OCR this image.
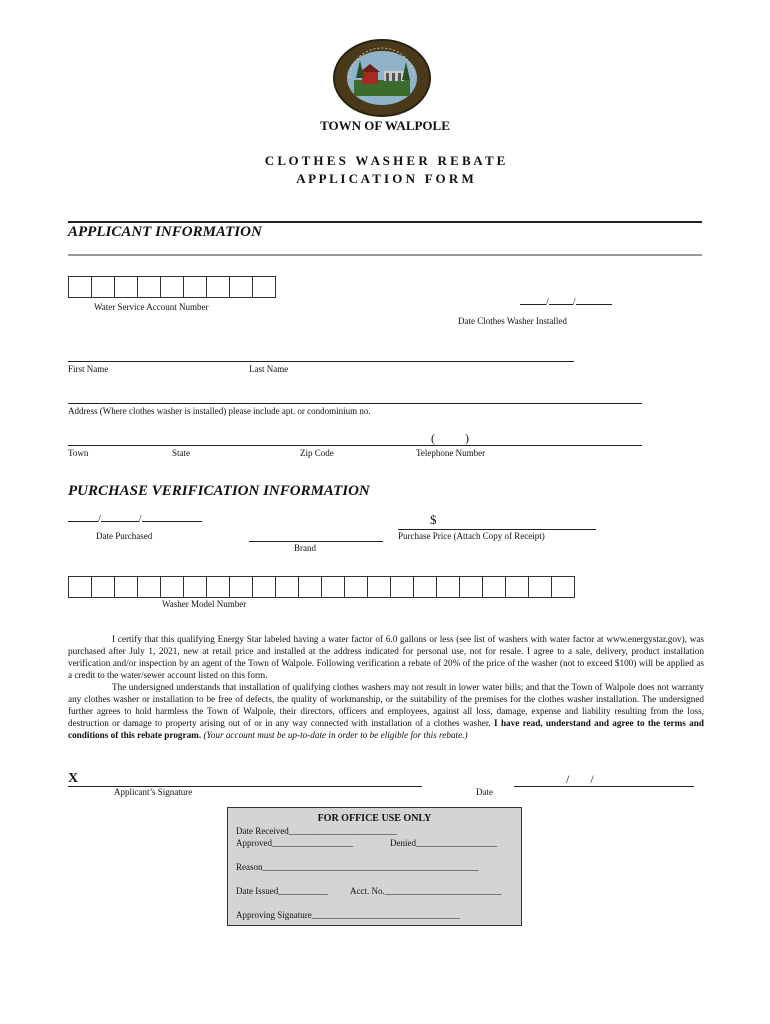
TOWN OF WALPOLE
C L O T H E S   W A S H E R   R E B A T E
A P P L I C A T I O N   F O R M
APPLICANT INFORMATION
Water Service Account Number	/ /
Date Clothes Washer Installed
First Name	Last Name
Address (Where clothes washer is installed) please include apt. or condominium no.
(          )
Town	State	Zip Code	Telephone Number
PURCHASE VERIFICATION INFORMATION
/	/
Date Purchased
Brand
$
Purchase Price (Attach Copy of Receipt)
Washer Model Number

I certify that this qualifying Energy Star labeled having a water factor of 6.0 gallons or less (see list of washers with water factor at www.energystar.gov), was purchased after July 1, 2021, new at retail price and installed at the address indicated for personal use, not for resale. I agree to a sale, delivery, product installation verification and/or inspection by an agent of the Town of Walpole. Following verification a rebate of 20% of the price of the washer (not to exceed $100) will be applied as a credit to the water/sewer account listed on this form.

The undersigned understands that installation of qualifying clothes washers may not result in lower water bills; and that the Town of Walpole does not warranty any clothes washer or installation to be free of defects, the quality of workmanship, or the suitability of the premises for the clothes washer installation. The undersigned further agrees to hold harmless the Town of Walpole, their directors, officers and employees, against all loss, damage, expense and liability resulting from the loss, destruction or damage to property arising out of or in any way connected with installation of a clothes washer. I have read, understand and agree to the terms and conditions of this rebate program. (Your account must be up-to-date in order to be eligible for this rebate.)

X
Applicant’s Signature
/       /
Date
FOR OFFICE USE ONLY
Date Received________________________
Approved__________________	Denied__________________
Reason________________________________________________
Date Issued___________ Acct. No.__________________________
Approving Signature_________________________________
